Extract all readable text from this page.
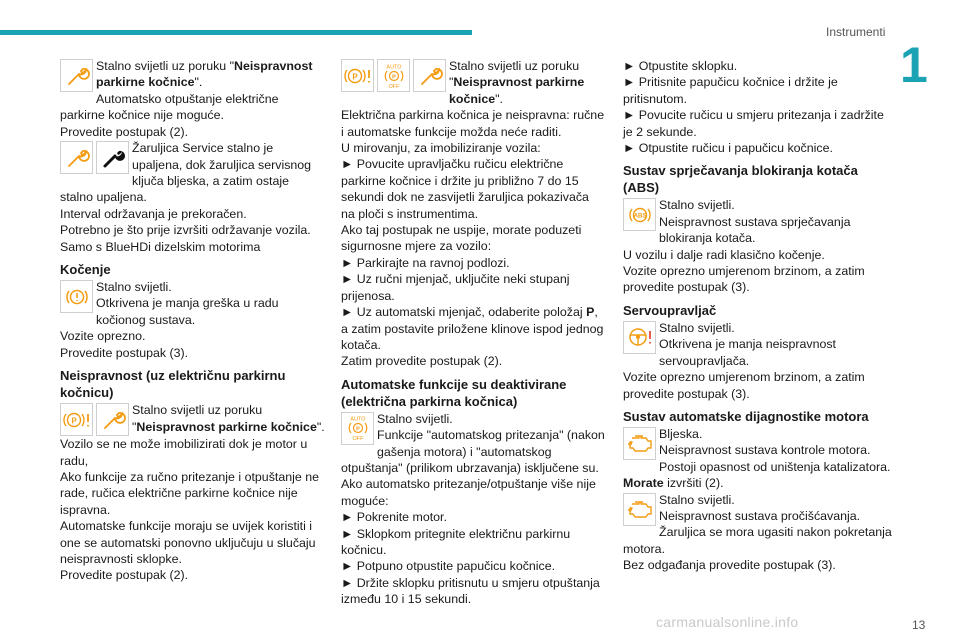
Instrumenti
1
13
carmanualsonline.info
Stalno svijetli uz poruku "Neispravnost parkirne kočnice".
Automatsko otpuštanje električne parkirne kočnice nije moguće.
Provedite postupak (2).
Žaruljica Service stalno je upaljena, dok žaruljica servisnog ključa bljeska, a zatim ostaje stalno upaljena.
Interval održavanja je prekoračen.
Potrebno je što prije izvršiti održavanje vozila.
Samo s BlueHDi dizelskim motorima
Kočenje
Stalno svijetli.
Otkrivena je manja greška u radu kočionog sustava.
Vozite oprezno.
Provedite postupak (3).
Neispravnost (uz električnu parkirnu kočnicu)
P
Stalno svijetli uz poruku "Neispravnost parkirne kočnice".
Vozilo se ne može imobilizirati dok je motor u radu,
Ako funkcije za ručno pritezanje i otpuštanje ne rade, ručica električne parkirne kočnice nije ispravna.
Automatske funkcije moraju se uvijek koristiti i one se automatski ponovno uključuju u slučaju neispravnosti sklopke.
Provedite postupak (2).
P
AUTO
P
OFF
Stalno svijetli uz poruku "Neispravnost parkirne kočnice".
Električna parkirna kočnica je neispravna: ručne i automatske funkcije možda neće raditi.
U mirovanju, za imobiliziranje vozila:
► Povucite upravljačku ručicu električne parkirne kočnice i držite ju približno 7 do 15 sekundi dok ne zasvijetli žaruljica pokazivača na ploči s instrumentima.
Ako taj postupak ne uspije, morate poduzeti sigurnosne mjere za vozilo:
► Parkirajte na ravnoj podlozi.
► Uz ručni mjenjač, uključite neki stupanj prijenosa.
► Uz automatski mjenjač, odaberite položaj P, a zatim postavite priložene klinove ispod jednog kotača.
Zatim provedite postupak (2).
Automatske funkcije su deaktivirane (električna parkirna kočnica)
AUTO
P
OFF
Stalno svijetli.
Funkcije "automatskog pritezanja" (nakon gašenja motora) i "automatskog otpuštanja" (prilikom ubrzavanja) isključene su.
Ako automatsko pritezanje/otpuštanje više nije moguće:
► Pokrenite motor.
► Sklopkom pritegnite električnu parkirnu kočnicu.
► Potpuno otpustite papučicu kočnice.
► Držite sklopku pritisnutu u smjeru otpuštanja između 10 i 15 sekundi.
► Otpustite sklopku.
► Pritisnite papučicu kočnice i držite je pritisnutom.
► Povucite ručicu u smjeru pritezanja i zadržite je 2 sekunde.
► Otpustite ručicu i papučicu kočnice.
Sustav sprječavanja blokiranja kotača (ABS)
ABS
Stalno svijetli.
Neispravnost sustava sprječavanja blokiranja kotača.
U vozilu i dalje radi klasično kočenje.
Vozite oprezno umjerenom brzinom, a zatim provedite postupak (3).
Servoupravljač
Stalno svijetli.
Otkrivena je manja neispravnost servoupravljača.
Vozite oprezno umjerenom brzinom, a zatim provedite postupak (3).
Sustav automatske dijagnostike motora
Bljeska.
Neispravnost sustava kontrole motora.
Postoji opasnost od uništenja katalizatora.
Morate izvršiti (2).
Stalno svijetli.
Neispravnost sustava pročišćavanja.
Žaruljica se mora ugasiti nakon pokretanja motora.
Bez odgađanja provedite postupak (3).
